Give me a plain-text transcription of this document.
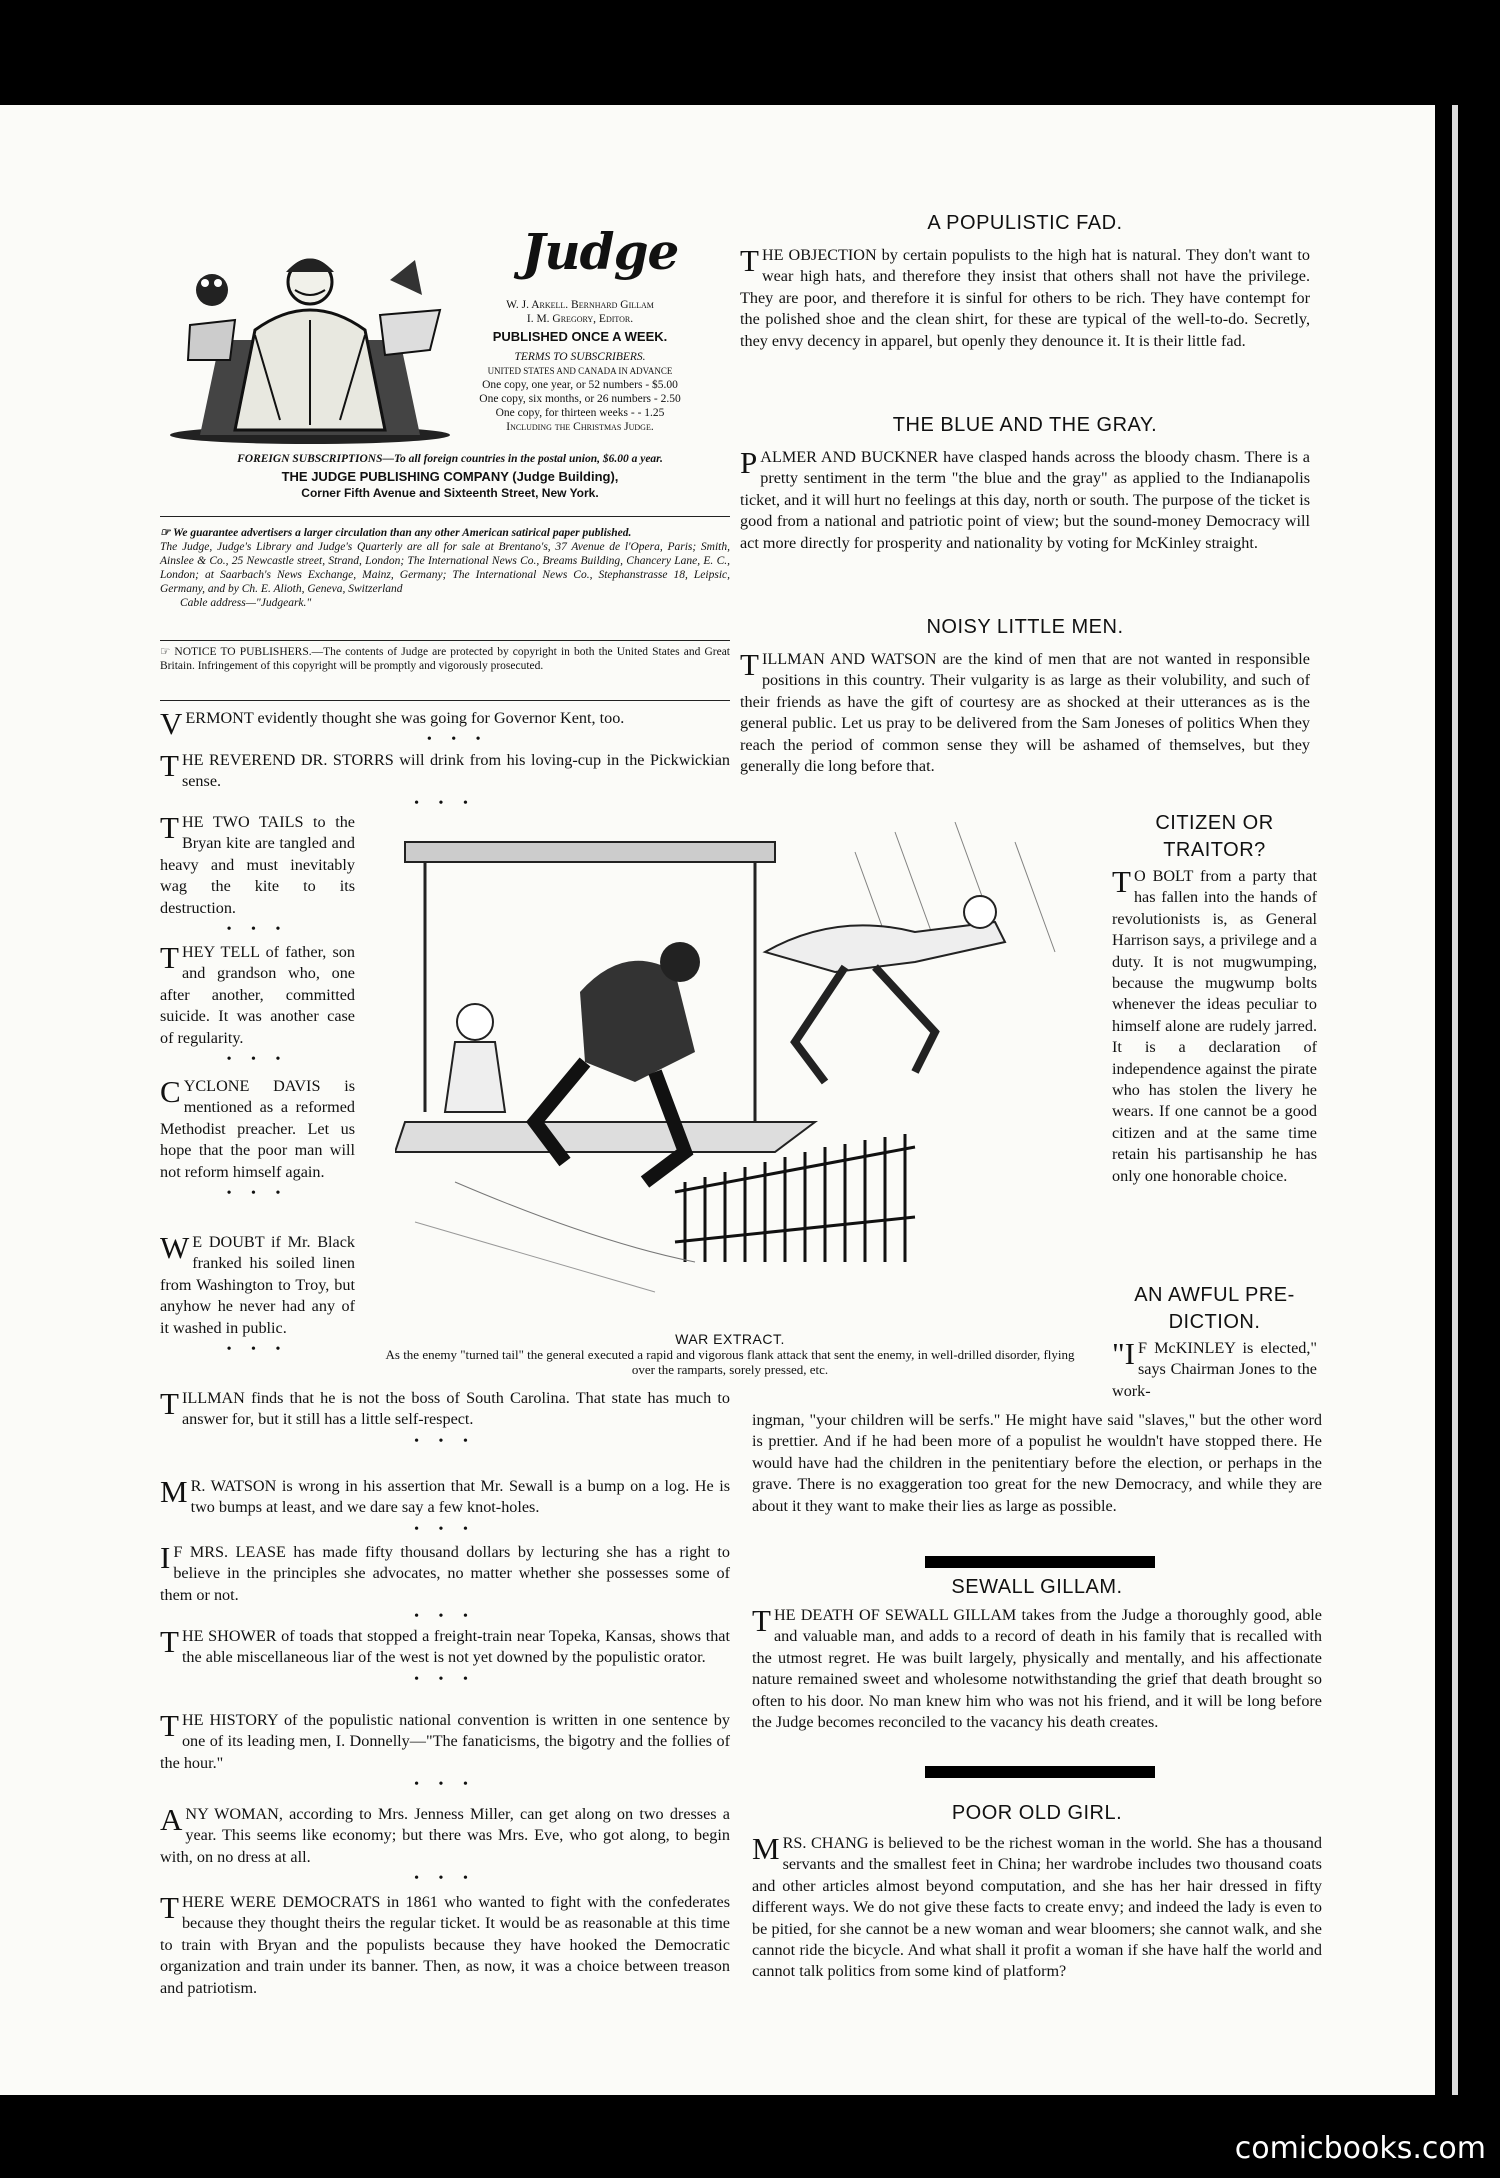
Judge
W. J. Arkell. Bernhard Gillam
I. M. Gregory, Editor.
PUBLISHED ONCE A WEEK.
TERMS TO SUBSCRIBERS.
UNITED STATES AND CANADA IN ADVANCE
One copy, one year, or 52 numbers - $5.00
One copy, six months, or 26 numbers - 2.50
One copy, for thirteen weeks - - 1.25
Including the Christmas Judge.
FOREIGN SUBSCRIPTIONS—To all foreign countries in the postal union, $6.00 a year.
THE JUDGE PUBLISHING COMPANY (Judge Building),
Corner Fifth Avenue and Sixteenth Street, New York.
☞ We guarantee advertisers a larger circulation than any other American satirical paper published.
The Judge, Judge's Library and Judge's Quarterly are all for sale at Brentano's, 37 Avenue de l'Opera, Paris; Smith, Ainslee & Co., 25 Newcastle street, Strand, London; The International News Co., Breams Building, Chancery Lane, E. C., London; at Saarbach's News Exchange, Mainz, Germany; The International News Co., Stephanstrasse 18, Leipsic, Germany, and by Ch. E. Alioth, Geneva, Switzerland
Cable address—"Judgeark."
☞ NOTICE TO PUBLISHERS.—The contents of Judge are protected by copyright in both the United States and Great Britain. Infringement of this copyright will be promptly and vigorously prosecuted.

VERMONT evidently thought she was going for Governor Kent, too.

• • •

THE REVEREND DR. STORRS will drink from his loving-cup in the Pickwickian sense.

• • •

THE TWO TAILS to the Bryan kite are tangled and heavy and must inevitably wag the kite to its destruction.

• • •

THEY TELL of father, son and grandson who, one after another, committed suicide. It was another case of regularity.

• • •

CYCLONE DAVIS is mentioned as a reformed Methodist preacher. Let us hope that the poor man will not reform himself again.

• • •

W E DOUBT if Mr. Black franked his soiled linen from Washington to Troy, but anyhow he never had any of it washed in public.

• • •

TILLMAN finds that he is not the boss of South Carolina. That state has much to answer for, but it still has a little self-respect.

• • •

M R. WATSON is wrong in his assertion that Mr. Sewall is a bump on a log. He is two bumps at least, and we dare say a few knot-holes.

• • •

I F MRS. LEASE has made fifty thousand dollars by lecturing she has a right to believe in the principles she advocates, no matter whether she possesses some of them or not.

• • •

THE SHOWER of toads that stopped a freight-train near Topeka, Kansas, shows that the able miscellaneous liar of the west is not yet downed by the populistic orator.

• • •

THE HISTORY of the populistic national convention is written in one sentence by one of its leading men, I. Donnelly—"The fanaticisms, the bigotry and the follies of the hour."

• • •

ANY WOMAN, according to Mrs. Jenness Miller, can get along on two dresses a year. This seems like economy; but there was Mrs. Eve, who got along, to begin with, on no dress at all.

• • •

THERE WERE DEMOCRATS in 1861 who wanted to fight with the confederates because they thought theirs the regular ticket. It would be as reasonable at this time to train with Bryan and the populists because they have hooked the Democratic organization and train under its banner. Then, as now, it was a choice between treason and patriotism.

A POPULISTIC FAD.

THE OBJECTION by certain populists to the high hat is natural. They don't want to wear high hats, and therefore they insist that others shall not have the privilege. They are poor, and therefore it is sinful for others to be rich. They have contempt for the polished shoe and the clean shirt, for these are typical of the well-to-do. Secretly, they envy decency in apparel, but openly they denounce it. It is their little fad.

THE BLUE AND THE GRAY.

PALMER AND BUCKNER have clasped hands across the bloody chasm. There is a pretty sentiment in the term "the blue and the gray" as applied to the Indianapolis ticket, and it will hurt no feelings at this day, north or south. The purpose of the ticket is good from a national and patriotic point of view; but the sound-money Democracy will act more directly for prosperity and nationality by voting for McKinley straight.

NOISY LITTLE MEN.

TILLMAN AND WATSON are the kind of men that are not wanted in responsible positions in this country. Their vulgarity is as large as their volubility, and such of their friends as have the gift of courtesy are as shocked at their utterances as is the general public. Let us pray to be delivered from the Sam Joneses of politics When they reach the period of common sense they will be ashamed of themselves, but they generally die long before that.

CITIZEN OR
TRAITOR?

T O BOLT from a party that has fallen into the hands of revolutionists is, as General Harrison says, a privilege and a duty. It is not mugwumping, because the mugwump bolts whenever the ideas peculiar to himself alone are rudely jarred. It is a declaration of independence against the pirate who has stolen the livery he wears. If one cannot be a good citizen and at the same time retain his partisanship he has only one honorable choice.

AN AWFUL PRE-
DICTION.

"I F McKINLEY is elected," says Chairman Jones to the work-

ingman, "your children will be serfs." He might have said "slaves," but the other word is prettier. And if he had been more of a populist he wouldn't have stopped there. He would have had the children in the penitentiary before the election, or perhaps in the grave. There is no exaggeration too great for the new Democracy, and while they are about it they want to make their lies as large as possible.

WAR EXTRACT.
As the enemy "turned tail" the general executed a rapid and vigorous flank attack that sent the enemy, in well-drilled disorder, flying over the ramparts, sorely pressed, etc.
SEWALL GILLAM.

THE DEATH OF SEWALL GILLAM takes from the Judge a thoroughly good, able and valuable man, and adds to a record of death in his family that is recalled with the utmost regret. He was built largely, physically and mentally, and his affectionate nature remained sweet and wholesome notwithstanding the grief that death brought so often to his door. No man knew him who was not his friend, and it will be long before the Judge becomes reconciled to the vacancy his death creates.

POOR OLD GIRL.

MRS. CHANG is believed to be the richest woman in the world. She has a thousand servants and the smallest feet in China; her wardrobe includes two thousand coats and other articles almost beyond computation, and she has her hair dressed in fifty different ways. We do not give these facts to create envy; and indeed the lady is even to be pitied, for she cannot be a new woman and wear bloomers; she cannot walk, and she cannot ride the bicycle. And what shall it profit a woman if she have half the world and cannot talk politics from some kind of platform?

comicbooks.com
